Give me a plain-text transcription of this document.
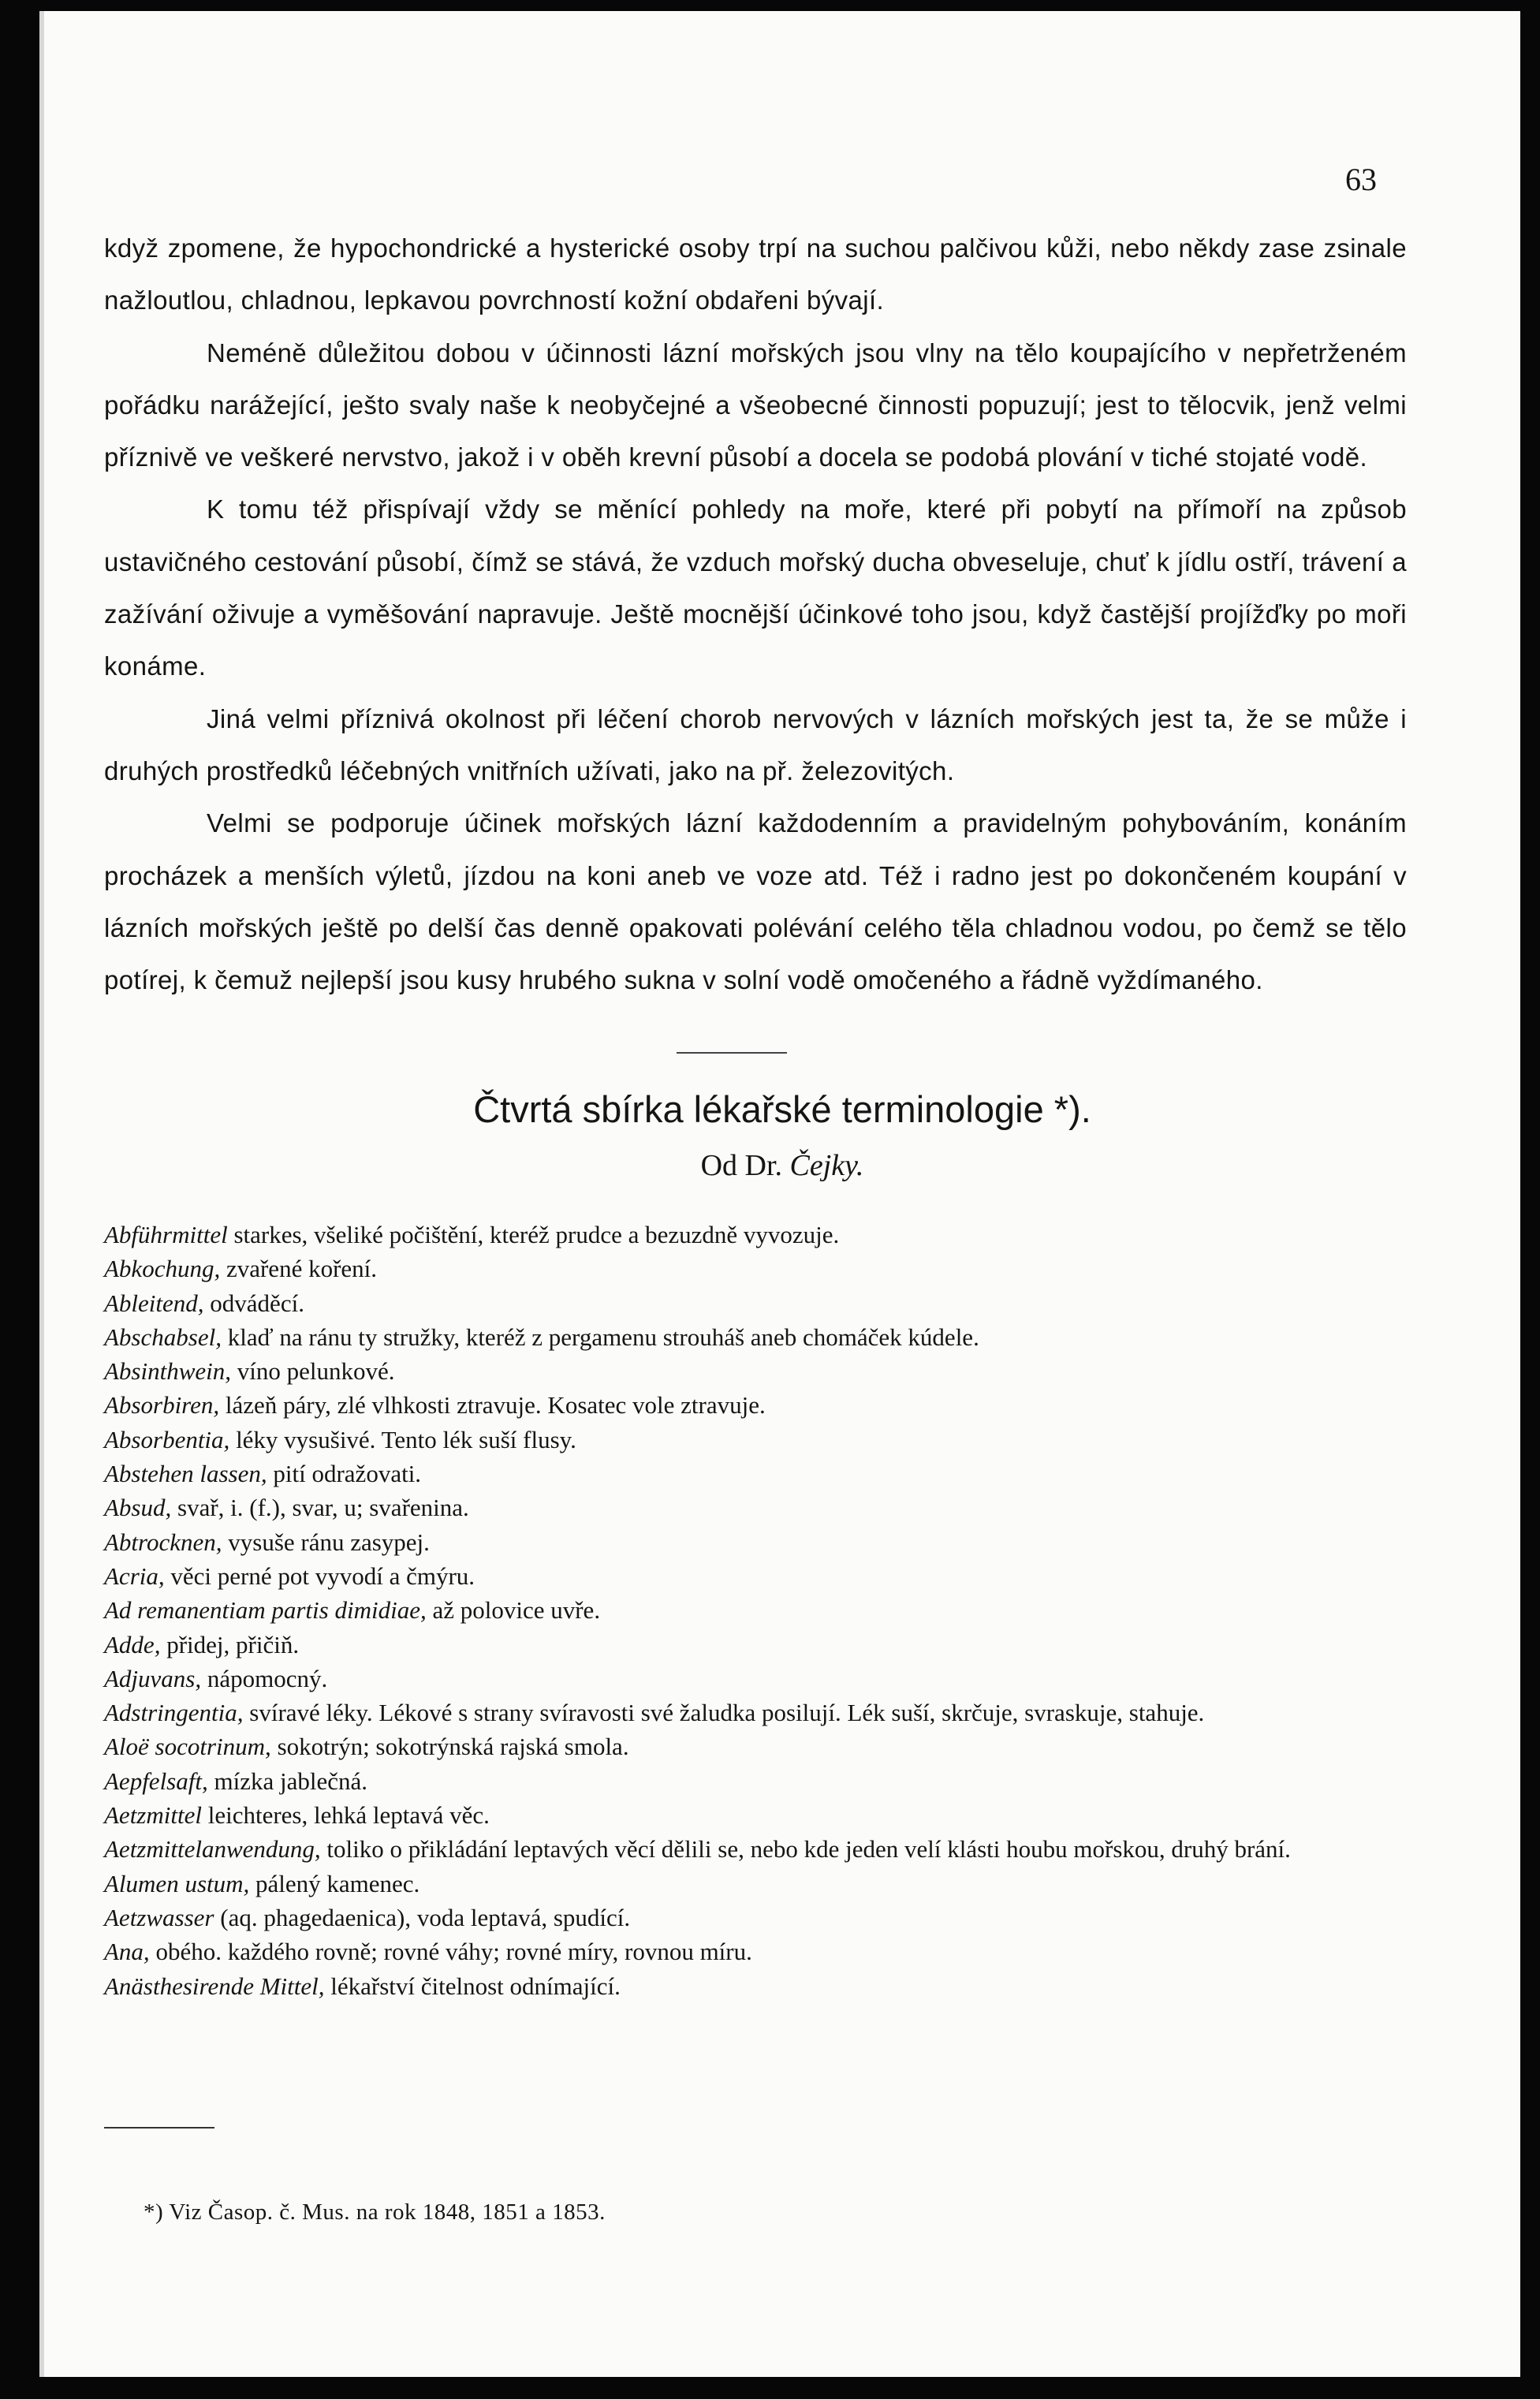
63

když zpomene, že hypochondrické a hysterické osoby trpí na suchou palčivou kůži, nebo někdy zase zsinale nažloutlou, chladnou, lepkavou povrchností kožní obdařeni bývají.

Neméně důležitou dobou v účinnosti lázní mořských jsou vlny na tělo koupajícího v nepřetrženém pořádku narážející, ješto svaly naše k neobyčejné a všeobecné činnosti popuzují; jest to tělocvik, jenž velmi příznivě ve veškeré nervstvo, jakož i v oběh krevní působí a docela se podobá plování v tiché stojaté vodě.

K tomu též přispívají vždy se měnící pohledy na moře, které při pobytí na přímoří na způsob ustavičného cestování působí, čímž se stává, že vzduch mořský ducha obveseluje, chuť k jídlu ostří, trávení a zažívání oživuje a vyměšování napravuje. Ještě mocnější účinkové toho jsou, když častější projížďky po moři konáme.

Jiná velmi příznivá okolnost při léčení chorob nervových v lázních mořských jest ta, že se může i druhých prostředků léčebných vnitřních užívati, jako na př. železovitých.

Velmi se podporuje účinek mořských lázní každodenním a pravidelným pohybováním, konáním procházek a menších výletů, jízdou na koni aneb ve voze atd. Též i radno jest po dokončeném koupání v lázních mořských ještě po delší čas denně opakovati polévání celého těla chladnou vodou, po čemž se tělo potírej, k čemuž nejlepší jsou kusy hrubého sukna v solní vodě omočeného a řádně vyždímaného.

Čtvrtá sbírka lékařské terminologie *).
Od Dr. Čejky.
Abführmittel starkes, všeliké počištění, kteréž prudce a bezuzdně vyvozuje.
Abkochung, zvařené koření.
Ableitend, odváděcí.
Abschabsel, klaď na ránu ty stružky, kteréž z pergamenu strouháš aneb chomáček kúdele.
Absinthwein, víno pelunkové.
Absorbiren, lázeň páry, zlé vlhkosti ztravuje. Kosatec vole ztravuje.
Absorbentia, léky vysušivé. Tento lék suší flusy.
Abstehen lassen, pití odražovati.
Absud, svař, i. (f.), svar, u; svařenina.
Abtrocknen, vysuše ránu zasypej.
Acria, věci perné pot vyvodí a čmýru.
Ad remanentiam partis dimidiae, až polovice uvře.
Adde, přidej, přičiň.
Adjuvans, nápomocný.
Adstringentia, svíravé léky. Lékové s strany svíravosti své žaludka posilují. Lék suší, skrčuje, svraskuje, stahuje.
Aloë socotrinum, sokotrýn; sokotrýnská rajská smola.
Aepfelsaft, mízka jablečná.
Aetzmittel leichteres, lehká leptavá věc.
Aetzmittelanwendung, toliko o přikládání leptavých věcí dělili se, nebo kde jeden velí klásti houbu mořskou, druhý brání.
Alumen ustum, pálený kamenec.
Aetzwasser (aq. phagedaenica), voda leptavá, spudící.
Ana, obého. každého rovně; rovné váhy; rovné míry, rovnou míru.
Anästhesirende Mittel, lékařství čitelnost odnímající.
*) Viz Časop. č. Mus. na rok 1848, 1851 a 1853.
